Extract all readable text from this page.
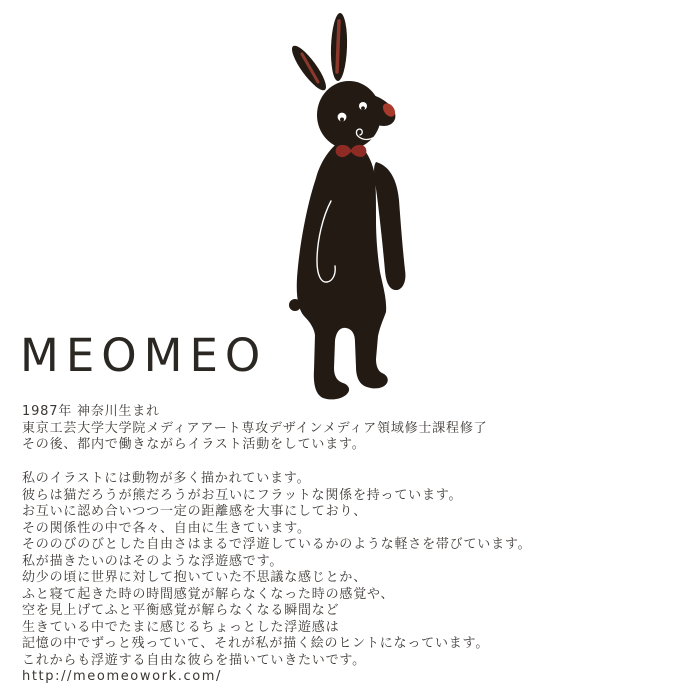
MEOMEO
1987年 神奈川生まれ
東京工芸大学大学院メディアアート専攻デザインメディア領域修士課程修了
その後、都内で働きながらイラスト活動をしています。
私のイラストには動物が多く描かれています。
彼らは猫だろうが熊だろうがお互いにフラットな関係を持っています。
お互いに認め合いつつ一定の距離感を大事にしており、
その関係性の中で各々、自由に生きています。
そののびのびとした自由さはまるで浮遊しているかのような軽さを帯びています。
私が描きたいのはそのような浮遊感です。
幼少の頃に世界に対して抱いていた不思議な感じとか、
ふと寝て起きた時の時間感覚が解らなくなった時の感覚や、
空を見上げてふと平衡感覚が解らなくなる瞬間など
生きている中でたまに感じるちょっとした浮遊感は
記憶の中でずっと残っていて、それが私が描く絵のヒントになっています。
これからも浮遊する自由な彼らを描いていきたいです。
http://meomeowork.com/
